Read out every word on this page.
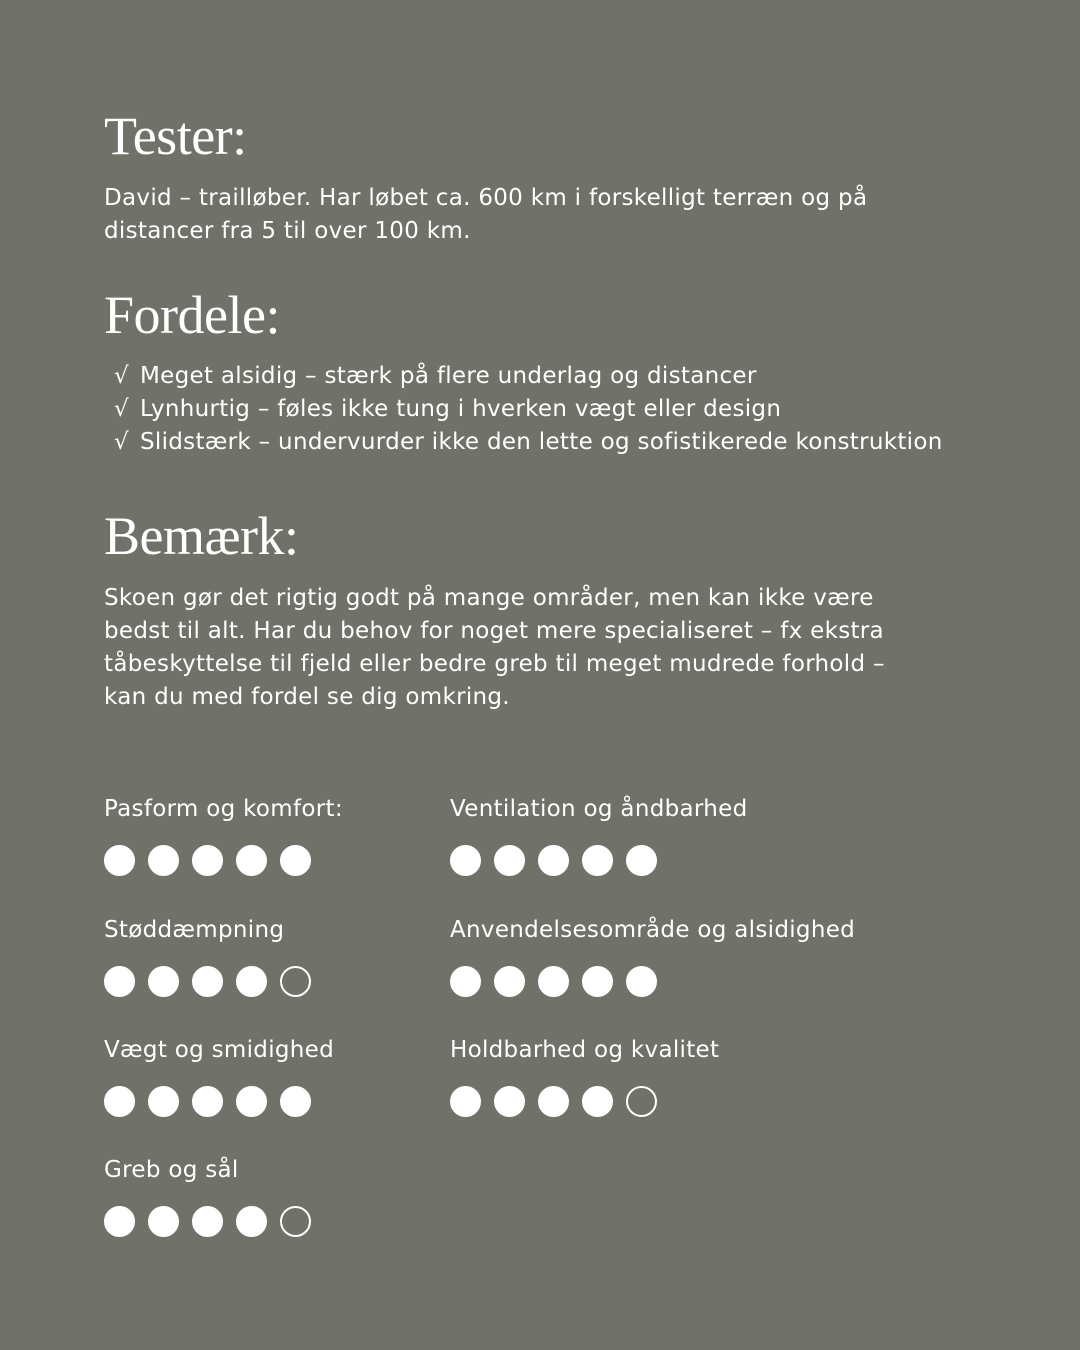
Tester:

David – trailløber. Har løbet ca. 600 km i forskelligt terræn og på
distancer fra 5 til over 100 km.

Fordele:
√ Meget alsidig – stærk på flere underlag og distancer
√ Lynhurtig – føles ikke tung i hverken vægt eller design
√ Slidstærk – undervurder ikke den lette og sofistikerede konstruktion
Bemærk:

Skoen gør det rigtig godt på mange områder, men kan ikke være
bedst til alt. Har du behov for noget mere specialiseret – fx ekstra
tåbeskyttelse til fjeld eller bedre greb til meget mudrede forhold –
kan du med fordel se dig omkring.

Pasform og komfort:	Ventilation og åndbarhed
Støddæmpning	Anvendelsesområde og alsidighed
Vægt og smidighed	Holdbarhed og kvalitet
Greb og sål
